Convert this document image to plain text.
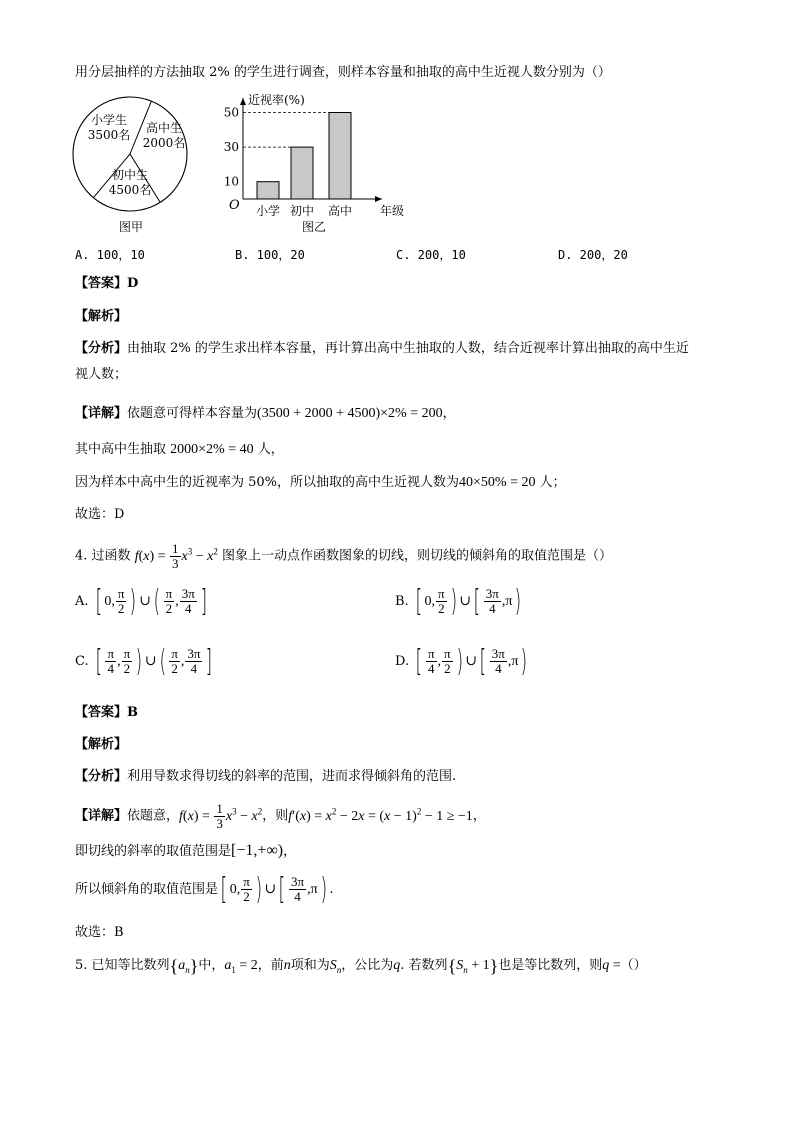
用分层抽样的方法抽取 2% 的学生进行调查，则样本容量和抽取的高中生近视人数分别为（）
小学生 3500名 高中生 2000名
初中生 4500名
图甲
近视率(%)
O 小学 初中 高中
10
30
50
年级
图乙
A. 100，10	B. 100，20	C. 200，10	D. 200，20
【答案】D
【解析】
【分析】由抽取 2% 的学生求出样本容量，再计算出高中生抽取的人数，结合近视率计算出抽取的高中生近
视人数；
【详解】依题意可得样本容量为(3500 + 2000 + 4500)×2% = 200，
其中高中生抽取 2000×2% = 40 人，
因为样本中高中生的近视率为 50%，所以抽取的高中生近视人数为40×50% = 20 人；
故选：D
4. 过函数 $f(x) = \frac{1}{3} x^3 - x^2$ 图象上一动点作函数图象的切线，则切线的倾斜角的取值范围是（）
A. [ 0, $\frac{\pi}{2}$ ) ∪( $\frac{\pi}{2}$ , $\frac{3\pi}{4}$ ]	B. [ 0, $\frac{\pi}{2}$ ) ∪[ $\frac{3\pi}{4} ,\pi$)
C. [ $\frac{\pi}{4}$ , $\frac{\pi}{2}$ ) ∪( $\frac{\pi}{2}$ , $\frac{3\pi}{4}$ ]	D. [ $\frac{\pi}{4}$ , $\frac{\pi}{2}$ ) ∪[ $\frac{3\pi}{4} ,\pi$)
【答案】B
【解析】
【分析】利用导数求得切线的斜率的范围，进而求得倾斜角的范围.
【详解】依题意，$f(x) = \frac{1}{3} x^3 - x^2$，则$f'(x) = x^2 - 2x = (x - 1)^2 - 1 \ge -1$，
即切线的斜率的取值范围是[−1,+∞)，
所以倾斜角的取值范围是[ 0, $\frac{\pi}{2}$ ) ∪[ $\frac{3\pi}{4} ,\pi$) .
故选：B
5. 已知等比数列$\{a_n\}$中，$a_1 = 2$，前n项和为$S_n$，公比为q. 若数列$\{S_n + 1\}$也是等比数列，则q =（）
